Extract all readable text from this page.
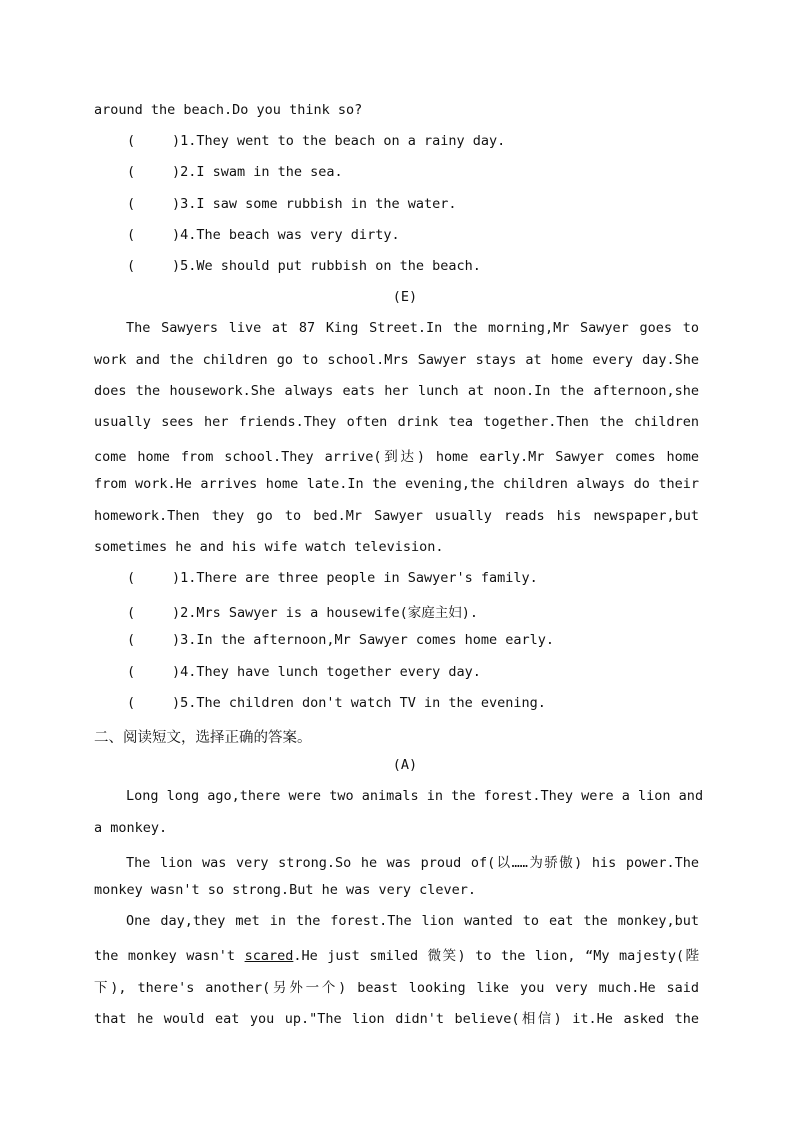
around the beach.Do you think so?
(	)1.They went to the beach on a rainy day.
(	)2.I swam in the sea.
(	)3.I saw some rubbish in the water.
(	)4.The beach was very dirty.
(	)5.We should put rubbish on the beach.
(E)
The Sawyers live at 87 King Street.In the morning,Mr Sawyer goes to
work and the children go to school.Mrs Sawyer stays at home every day.She
does the housework.She always eats her lunch at noon.In the afternoon,she
usually sees her friends.They often drink tea together.Then the children
come home from school.They arrive(到达) home early.Mr Sawyer comes home
from work.He arrives home late.In the evening,the children always do their
homework.Then they go to bed.Mr Sawyer usually reads his newspaper,but
sometimes he and his wife watch television.
(	)1.There are three people in Sawyer's family.
(	)2.Mrs Sawyer is a housewife(家庭主妇).
(	)3.In the afternoon,Mr Sawyer comes home early.
(	)4.They have lunch together every day.
(	)5.The children don't watch TV in the evening.
二、阅读短文，选择正确的答案。
(A)
Long long ago,there were two animals in the forest.They were a lion and
a monkey.
The lion was very strong.So he was proud of(以……为骄傲) his power.The
monkey wasn't so strong.But he was very clever.
One day,they met in the forest.The lion wanted to eat the monkey,but
the monkey wasn't scared.He just smiled 微笑) to the lion, “My majesty(陛
下), there's another(另外一个) beast looking like you very much.He said
that he would eat you up."The lion didn't believe(相信) it.He asked the
